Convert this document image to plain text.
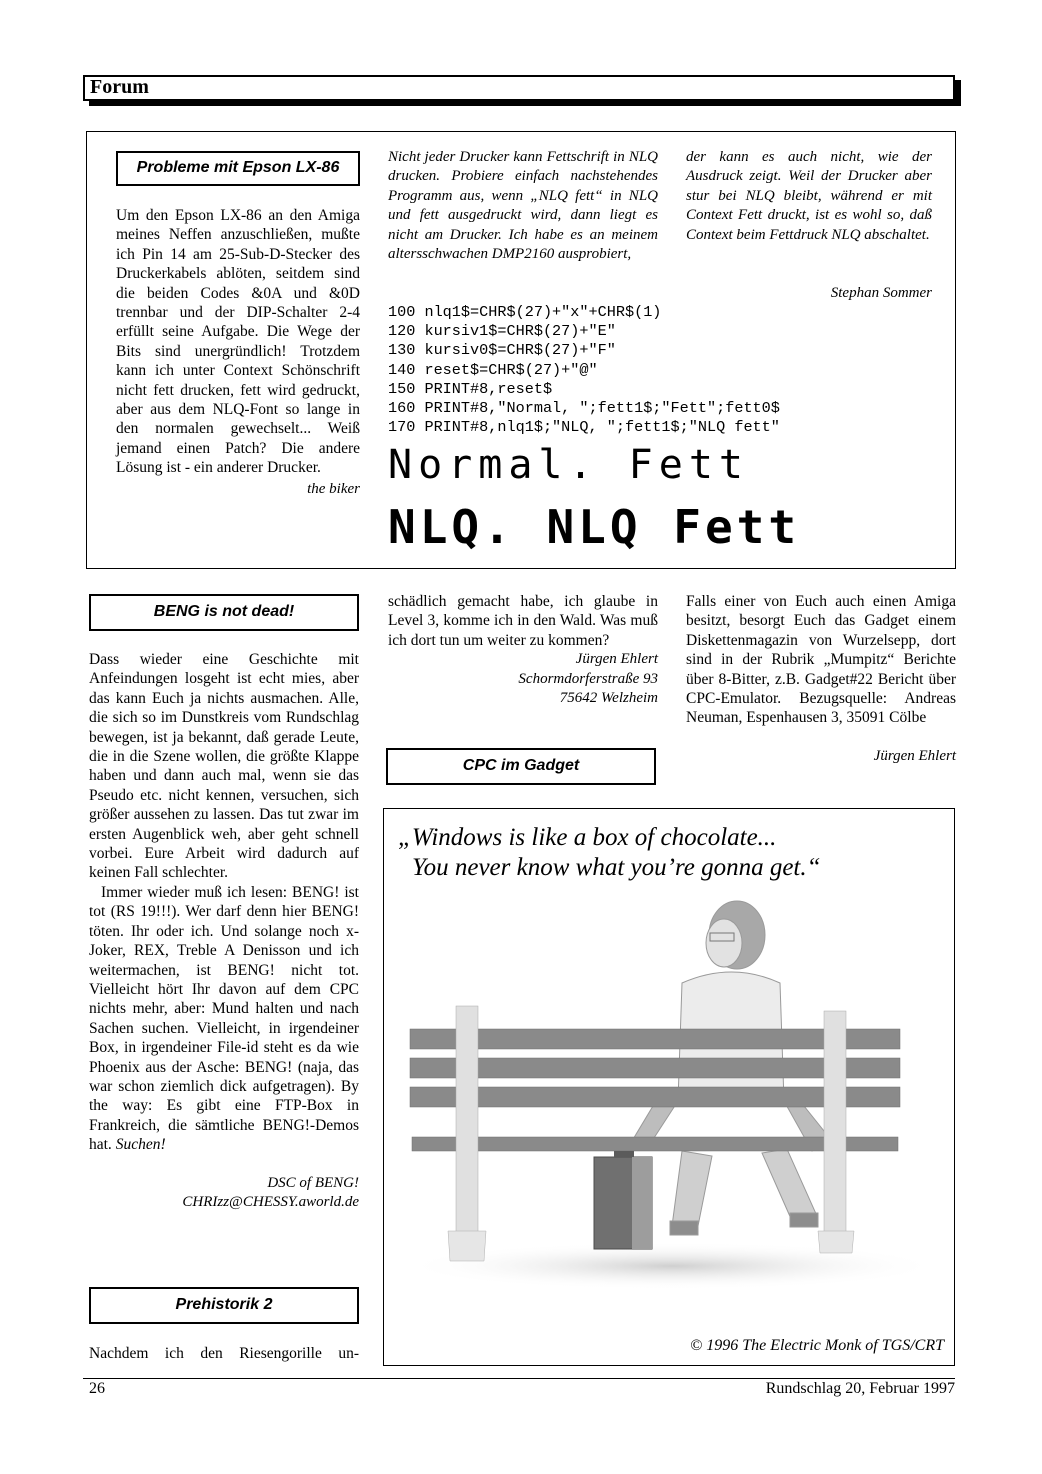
Forum
Probleme mit Epson LX-86

Um den Epson LX-86 an den Amiga meines Neffen anzuschließen, mußte ich Pin 14 am 25-Sub-D-Stecker des Druckerkabels ablöten, seitdem sind die beiden Codes &0A und &0D trennbar und der DIP-Schalter 2-4 erfüllt seine Aufgabe. Die Wege der Bits sind unergründlich! Trotzdem kann ich unter Context Schönschrift nicht fett drucken, fett wird gedruckt, aber aus dem NLQ-Font so lange in den normalen gewechselt... Weiß jemand einen Patch? Die andere Lösung ist - ein anderer Drucker.

the biker

Nicht jeder Drucker kann Fettschrift in NLQ drucken. Probiere einfach nachstehendes Programm aus, wenn „NLQ fett“ in NLQ und fett ausgedruckt wird, dann liegt es nicht am Drucker. Ich habe es an meinem altersschwachen DMP2160 ausprobiert,

der kann es auch nicht, wie der Ausdruck zeigt. Weil der Drucker aber stur bei NLQ bleibt, während er mit Context Fett druckt, ist es wohl so, daß Context beim Fettdruck NLQ abschaltet.

Stephan Sommer
100 nlq1$=CHR$(27)+"x"+CHR$(1)
120 kursiv1$=CHR$(27)+"E"
130 kursiv0$=CHR$(27)+"F"
140 reset$=CHR$(27)+"@"
150 PRINT#8,reset$
160 PRINT#8,"Normal, ";fett1$;"Fett";fett0$
170 PRINT#8,nlq1$;"NLQ, ";fett1$;"NLQ fett"
Normal. Fett
NLQ. NLQ Fett
BENG is not dead!

Dass wieder eine Geschichte mit Anfeindungen losgeht ist echt mies, aber das kann Euch ja nichts ausmachen. Alle, die sich so im Dunstkreis vom Rundschlag bewegen, ist ja bekannt, daß gerade Leute, die in die Szene wollen, die größte Klappe haben und dann auch mal, wenn sie das Pseudo etc. nicht kennen, versuchen, sich größer aussehen zu lassen. Das tut zwar im ersten Augenblick weh, aber geht schnell vorbei. Eure Arbeit wird dadurch auf keinen Fall schlechter.

Immer wieder muß ich lesen: BENG! ist tot (RS 19!!!). Wer darf denn hier BENG! töten. Ihr oder ich. Und solange noch x-Joker, REX, Treble A Denisson und ich weitermachen, ist BENG! nicht tot. Vielleicht hört Ihr davon auf dem CPC nichts mehr, aber: Mund halten und nach Sachen suchen. Vielleicht, in irgendeiner Box, in irgendeiner File-id steht es da wie Phoenix aus der Asche: BENG! (naja, das war schon ziemlich dick aufgetragen). By the way: Es gibt eine FTP-Box in Frankreich, die sämtliche BENG!-Demos hat. Suchen!

DSC of BENG!
CHRIzz@CHESSY.aworld.de
Prehistorik 2
Nachdem ich den Riesengorille un-

schädlich gemacht habe, ich glaube in Level 3, komme ich in den Wald. Was muß ich dort tun um weiter zu kommen?

Jürgen Ehlert
Schormdorferstraße 93
75642 Welzheim
CPC im Gadget

Falls einer von Euch auch einen Amiga besitzt, besorgt Euch das Gadget einem Diskettenmagazin von Wurzelsepp, dort sind in der Rubrik „Mumpitz“ Berichte über 8-Bitter, z.B. Gadget#22 Bericht über CPC-Emulator. Bezugsquelle: Andreas Neuman, Espenhausen 3, 35091 Cölbe

Jürgen Ehlert
„Windows is like a box of chocolate...
You never know what you’re gonna get.“
© 1996 The Electric Monk of TGS/CRT
26	Rundschlag 20, Februar 1997
